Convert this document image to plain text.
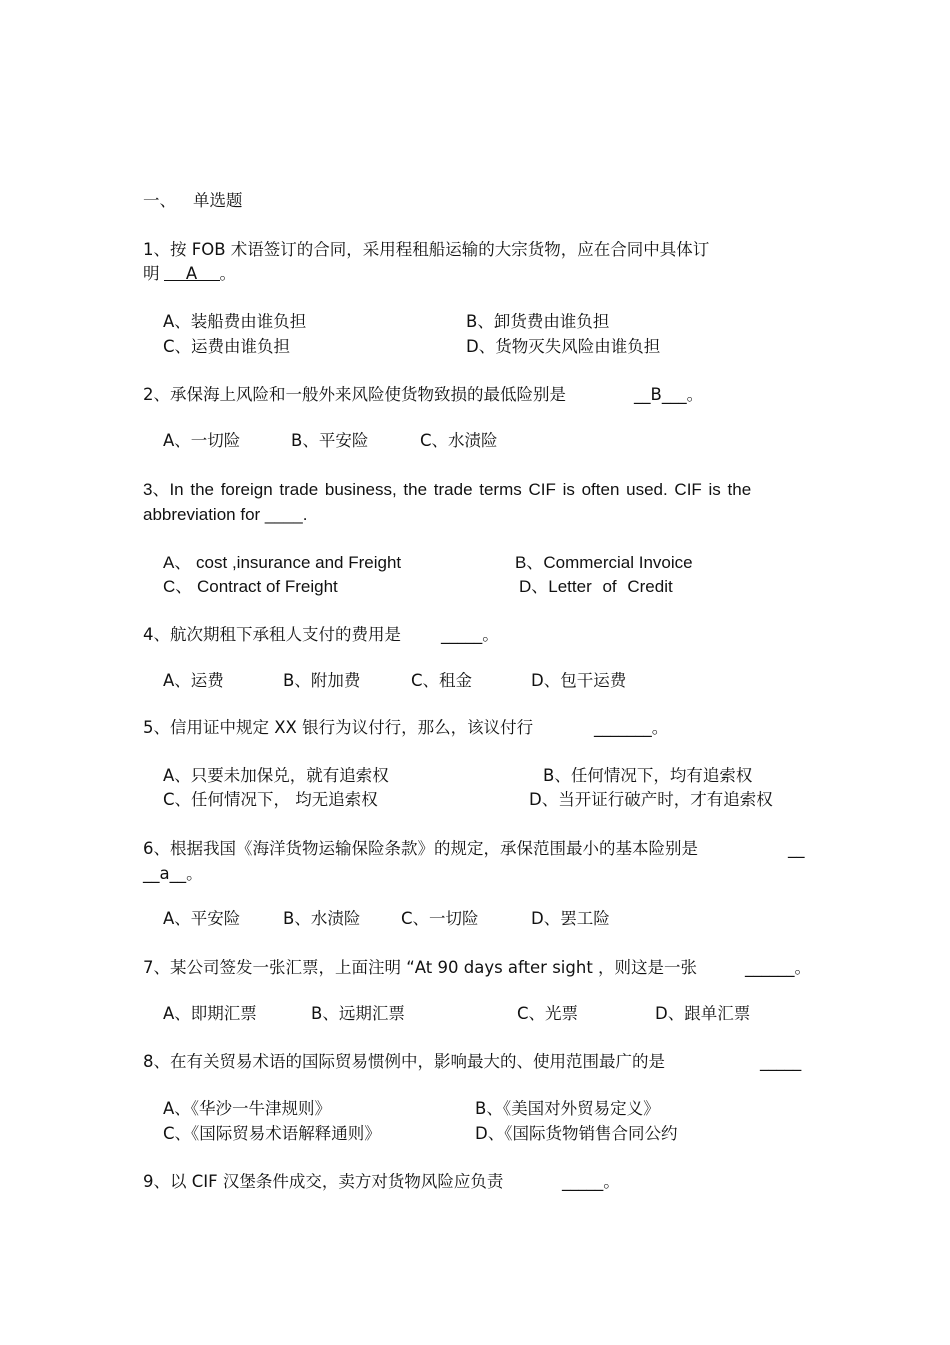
一、 单选题
1、按 FOB 术语签订的合同，采用程租船运输的大宗货物，应在合同中具体订
明 A 。
A、装船费由谁负担	B、卸货费由谁负担
C、运费由谁负担	D、货物灭失风险由谁负担
2、承保海上风险和一般外来风险使货物致损的最低险别是	__B___。
A、一切险	B、平安险	C、水渍险
3、In the foreign trade business, the trade terms CIF is often used. CIF is the
abbreviation for ____.
A、 cost ,insurance and Freight	B、Commercial Invoice
C、 Contract of Freight	D、Letter of Credit
4、航次期租下承租人支付的费用是 _____。
A、运费	B、附加费	C、租金	D、包干运费
5、信用证中规定 XX 银行为议付行，那么，该议付行	_______。
A、只要未加保兑，就有追索权	B、任何情况下，均有追索权
C、任何情况下， 均无追索权	D、当开证行破产时，才有追索权
6、根据我国《海洋货物运输保险条款》的规定，承保范围最小的基本险别是	__
__a__。
A、平安险	B、水渍险 C、一切险	D、罢工险
7、某公司签发一张汇票，上面注明 “At 90 days after sight ，则这是一张	______。
A、即期汇票	B、远期汇票	C、光票	D、跟单汇票
8、在有关贸易术语的国际贸易惯例中，影响最大的、使用范围最广的是	_____
A、《华沙一牛津规则》	B、《美国对外贸易定义》
C、《国际贸易术语解释通则》	D、《国际货物销售合同公约
9、以 CIF 汉堡条件成交，卖方对货物风险应负责	_____。
